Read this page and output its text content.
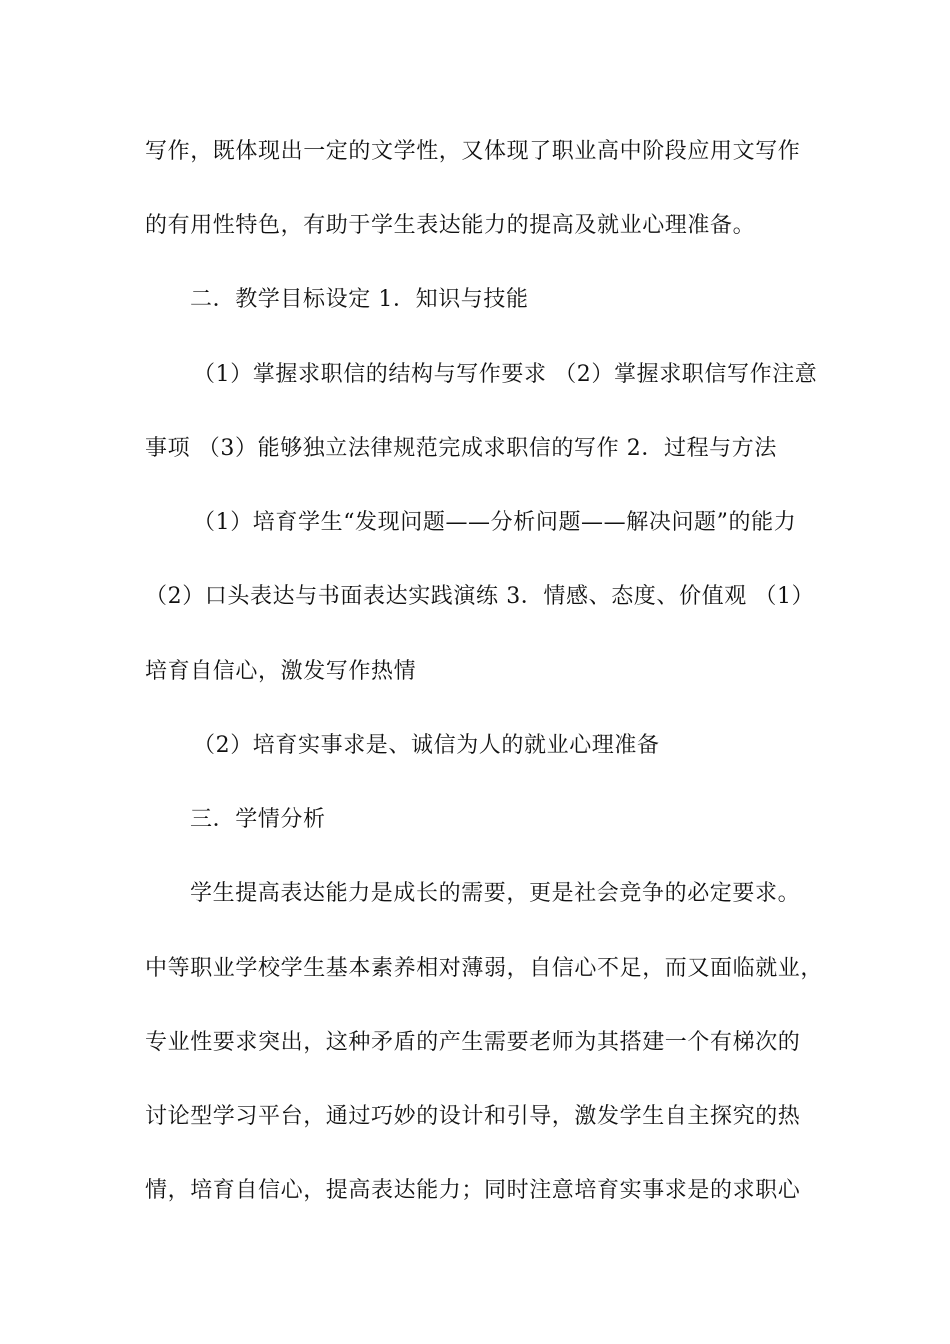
写作，既体现出一定的文学性，又体现了职业高中阶段应用文写作
的有用性特色，有助于学生表达能力的提高及就业心理准备。
二．教学目标设定 1．知识与技能
（1）掌握求职信的结构与写作要求 （2）掌握求职信写作注意
事项 （3）能够独立法律规范完成求职信的写作 2．过程与方法
（1）培育学生“发现问题——分析问题——解决问题”的能力
（2）口头表达与书面表达实践演练 3．情感、态度、价值观 （1）
培育自信心，激发写作热情
（2）培育实事求是、诚信为人的就业心理准备
三．学情分析
学生提高表达能力是成长的需要，更是社会竞争的必定要求。
中等职业学校学生基本素养相对薄弱，自信心不足，而又面临就业，
专业性要求突出，这种矛盾的产生需要老师为其搭建一个有梯次的
讨论型学习平台，通过巧妙的设计和引导，激发学生自主探究的热
情，培育自信心，提高表达能力；同时注意培育实事求是的求职心
